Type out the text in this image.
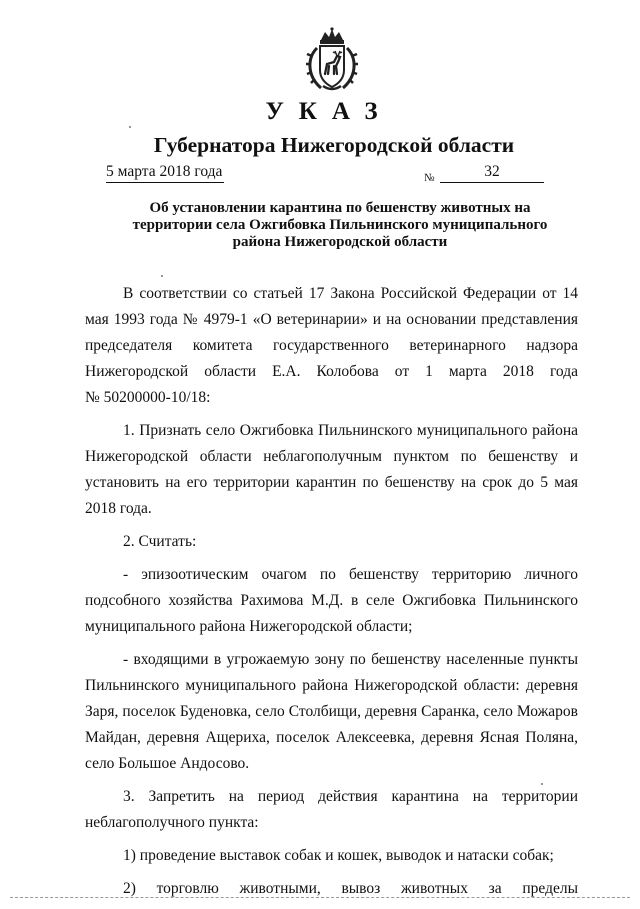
УКАЗ
Губернатора Нижегородской области
5 марта 2018 года	№	32
Об установлении карантина по бешенству животных на
территории села Ожгибовка Пильнинского муниципального
района Нижегородской области
В соответствии со статьей 17 Закона Российской Федерации от 14
мая 1993 года № 4979-1 «О ветеринарии» и на основании представления
председателя комитета государственного ветеринарного надзора
Нижегородской области Е.А. Колобова от 1 марта 2018 года
№ 50200000-10/18:
1. Признать село Ожгибовка Пильнинского муниципального района
Нижегородской области неблагополучным пунктом по бешенству и
установить на его территории карантин по бешенству на срок до 5 мая
2018 года.
2. Считать:
- эпизоотическим очагом по бешенству территорию личного
подсобного хозяйства Рахимова М.Д. в селе Ожгибовка Пильнинского
муниципального района Нижегородской области;
- входящими в угрожаемую зону по бешенству населенные пункты
Пильнинского муниципального района Нижегородской области: деревня
Заря, поселок Буденовка, село Столбищи, деревня Саранка, село Можаров
Майдан, деревня Ащериха, поселок Алексеевка, деревня Ясная Поляна,
село Большое Андосово.
3. Запретить на период действия карантина на территории
неблагополучного пункта:
1) проведение выставок собак и кошек, выводок и натаски собак;
2) торговлю животными, вывоз животных за пределы
